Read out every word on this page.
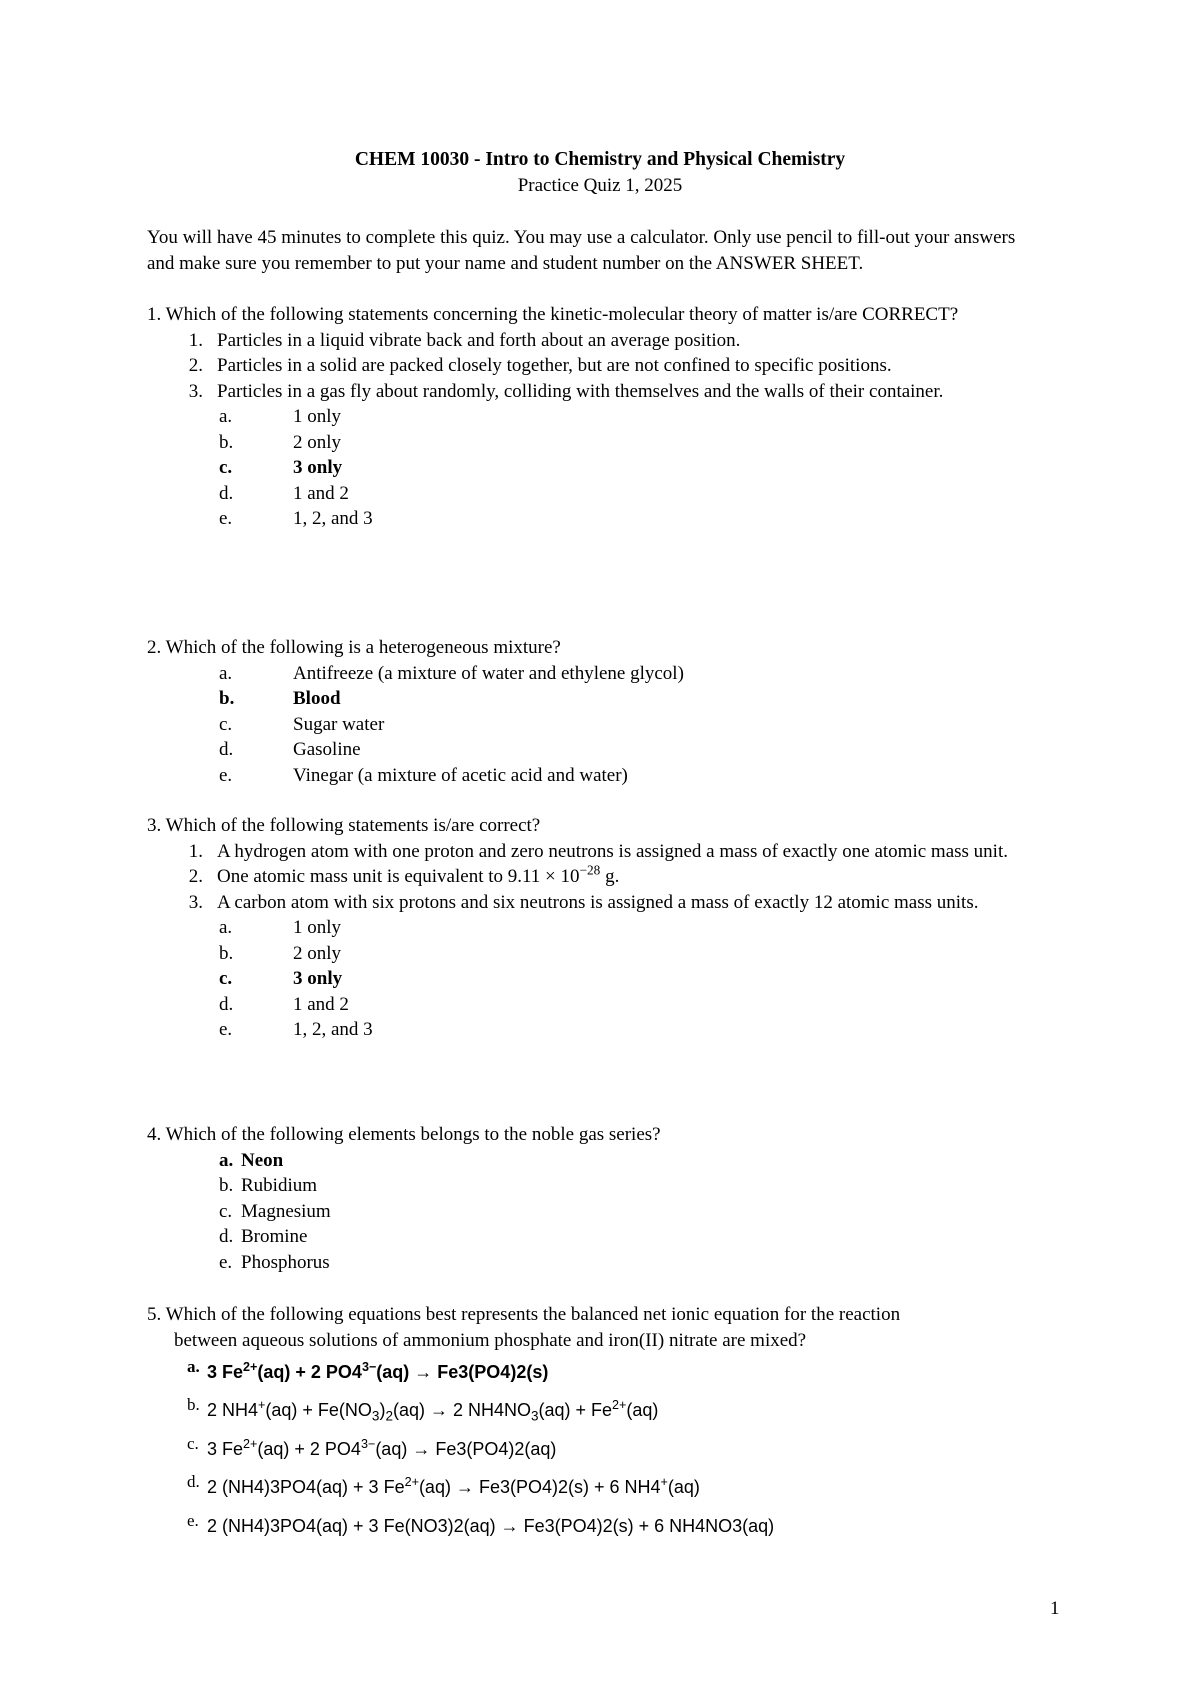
CHEM 10030 - Intro to Chemistry and Physical Chemistry
Practice Quiz 1, 2025
You will have 45 minutes to complete this quiz. You may use a calculator. Only use pencil to fill-out your answers and make sure you remember to put your name and student number on the ANSWER SHEET.

1. Which of the following statements concerning the kinetic-molecular theory of matter is/are CORRECT?

1. Particles in a liquid vibrate back and forth about an average position.
2. Particles in a solid are packed closely together, but are not confined to specific positions.
3. Particles in a gas fly about randomly, colliding with themselves and the walls of their container.
a.	1 only
b.	2 only
c.	3 only
d.	1 and 2
e.	1, 2, and 3

2. Which of the following is a heterogeneous mixture?

a.	Antifreeze (a mixture of water and ethylene glycol)
b.	Blood
c.	Sugar water
d.	Gasoline
e.	Vinegar (a mixture of acetic acid and water)

3. Which of the following statements is/are correct?

1. A hydrogen atom with one proton and zero neutrons is assigned a mass of exactly one atomic mass unit.
2. One atomic mass unit is equivalent to $9.11 \times 10^{-28}$ g.
3. A carbon atom with six protons and six neutrons is assigned a mass of exactly 12 atomic mass units.
a.	1 only
b.	2 only
c.	3 only
d.	1 and 2
e.	1, 2, and 3

4. Which of the following elements belongs to the noble gas series?

a. Neon
b. Rubidium
c. Magnesium
d. Bromine
e. Phosphorus

5. Which of the following equations best represents the balanced net ionic equation for the reaction

between aqueous solutions of ammonium phosphate and iron(II) nitrate are mixed?

a. 3 $Fe^{2+}(aq) + 2$ $PO4^{3-}(aq) \to Fe3(PO4)2(s)$
b. 2 $NH4^+(aq) + Fe(NO_3)_2(aq) \to 2$ $NH4NO_3(aq) + Fe^{2+}(aq)$
c. 3 $Fe^{2+}(aq) + 2$ $PO4^{3-}(aq) \to Fe3(PO4)2(aq)$
d. 2 (NH4)3PO4(aq) + 3 $Fe^{2+}(aq) \to Fe3(PO4)2(s) + 6$ NH4+(aq)
e. 2 (NH4)3PO4(aq) + 3 Fe(NO3)2(aq) → Fe3(PO4)2(s) + 6 NH4NO3(aq)
1
